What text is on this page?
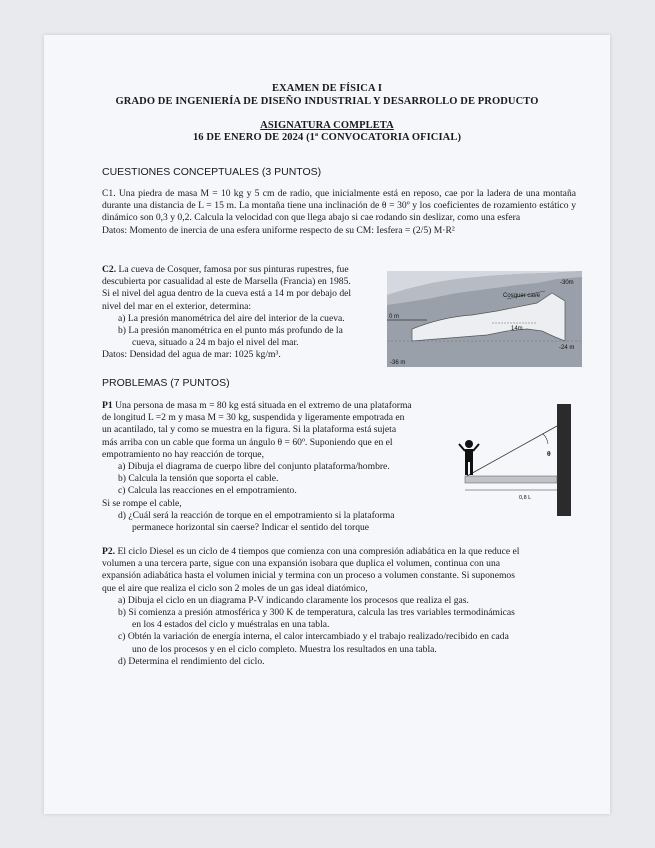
EXAMEN DE FÍSICA I
GRADO DE INGENIERÍA DE DISEÑO INDUSTRIAL Y DESARROLLO DE PRODUCTO
ASIGNATURA COMPLETA
16 DE ENERO DE 2024 (1ª CONVOCATORIA OFICIAL)
CUESTIONES CONCEPTUALES (3 PUNTOS)
C1. Una piedra de masa M = 10 kg y 5 cm de radio, que inicialmente está en reposo, cae por la ladera de una montaña durante una distancia de L = 15 m. La montaña tiene una inclinación de θ = 30º y los coeficientes de rozamiento estático y dinámico son 0,3 y 0,2. Calcula la velocidad con que llega abajo si cae rodando sin deslizar, como una esfera
Datos: Momento de inercia de una esfera uniforme respecto de su CM: Iesfera = (2/5) M·R²
C2. La cueva de Cosquer, famosa por sus pinturas rupestres, fue
descubierta por casualidad al este de Marsella (Francia) en 1985.
Si el nivel del agua dentro de la cueva está a 14 m por debajo del
nivel del mar en el exterior, determina:
a) La presión manométrica del aire del interior de la cueva.
b) La presión manométrica en el punto más profundo de la
cueva, situado a 24 m bajo el nivel del mar.
Datos: Densidad del agua de mar: 1025 kg/m³.
-30m
0 m
Cosquer cave
14m
-24 m
-36 m
PROBLEMAS (7 PUNTOS)
P1 Una persona de masa m = 80 kg está situada en el extremo de una plataforma
de longitud L =2 m y masa M = 30 kg, suspendida y ligeramente empotrada en
un acantilado, tal y como se muestra en la figura. Si la plataforma está sujeta
más arriba con un cable que forma un ángulo θ = 60º. Suponiendo que en el
empotramiento no hay reacción de torque,
a) Dibuja el diagrama de cuerpo libre del conjunto plataforma/hombre.
b) Calcula la tensión que soporta el cable.
c) Calcula las reacciones en el empotramiento.
Si se rompe el cable,
d) ¿Cuál será la reacción de torque en el empotramiento si la plataforma
permanece horizontal sin caerse? Indicar el sentido del torque
θ
0,8 L
P2. El ciclo Diesel es un ciclo de 4 tiempos que comienza con una compresión adiabática en la que reduce el
volumen a una tercera parte, sigue con una expansión isobara que duplica el volumen, continua con una
expansión adiabática hasta el volumen inicial y termina con un proceso a volumen constante. Si suponemos
que el aire que realiza el ciclo son 2 moles de un gas ideal diatómico,
a) Dibuja el ciclo en un diagrama P-V indicando claramente los procesos que realiza el gas.
b) Si comienza a presión atmosférica y 300 K de temperatura, calcula las tres variables termodinámicas
en los 4 estados del ciclo y muéstralas en una tabla.
c) Obtén la variación de energía interna, el calor intercambiado y el trabajo realizado/recibido en cada
uno de los procesos y en el ciclo completo. Muestra los resultados en una tabla.
d) Determina el rendimiento del ciclo.
